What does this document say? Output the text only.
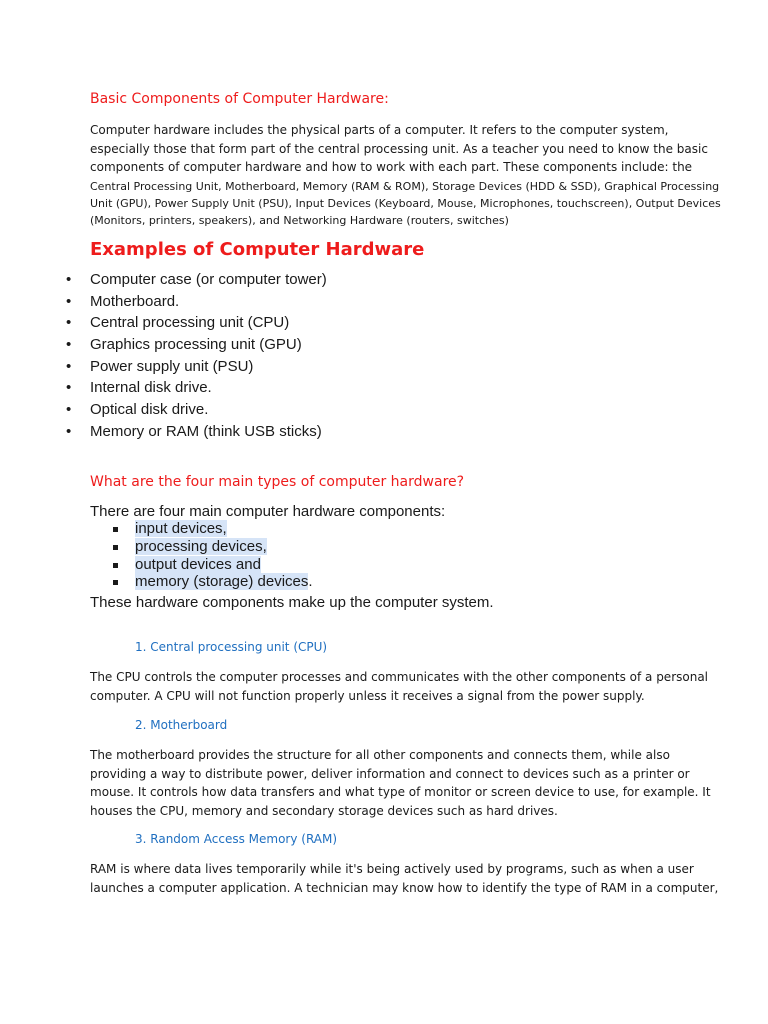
Basic Components of Computer Hardware:

Computer hardware includes the physical parts of a computer. It refers to the computer system,
especially those that form part of the central processing unit. As a teacher you need to know the basic
components of computer hardware and how to work with each part. These components include: the
Central Processing Unit, Motherboard, Memory (RAM & ROM), Storage Devices (HDD & SSD), Graphical Processing
Unit (GPU), Power Supply Unit (PSU), Input Devices (Keyboard, Mouse, Microphones, touchscreen), Output Devices
(Monitors, printers, speakers), and Networking Hardware (routers, switches)

Examples of Computer Hardware

• Computer case (or computer tower)
• Motherboard.
• Central processing unit (CPU)
• Graphics processing unit (GPU)
• Power supply unit (PSU)
• Internal disk drive.
• Optical disk drive.
• Memory or RAM (think USB sticks)

What are the four main types of computer hardware?

There are four main computer hardware components:

input devices,
processing devices,
output devices and
memory (storage) devices.

These hardware components make up the computer system.

1. Central processing unit (CPU)

The CPU controls the computer processes and communicates with the other components of a personal
computer. A CPU will not function properly unless it receives a signal from the power supply.

2. Motherboard

The motherboard provides the structure for all other components and connects them, while also
providing a way to distribute power, deliver information and connect to devices such as a printer or
mouse. It controls how data transfers and what type of monitor or screen device to use, for example. It
houses the CPU, memory and secondary storage devices such as hard drives.

3. Random Access Memory (RAM)

RAM is where data lives temporarily while it's being actively used by programs, such as when a user
launches a computer application. A technician may know how to identify the type of RAM in a computer,
